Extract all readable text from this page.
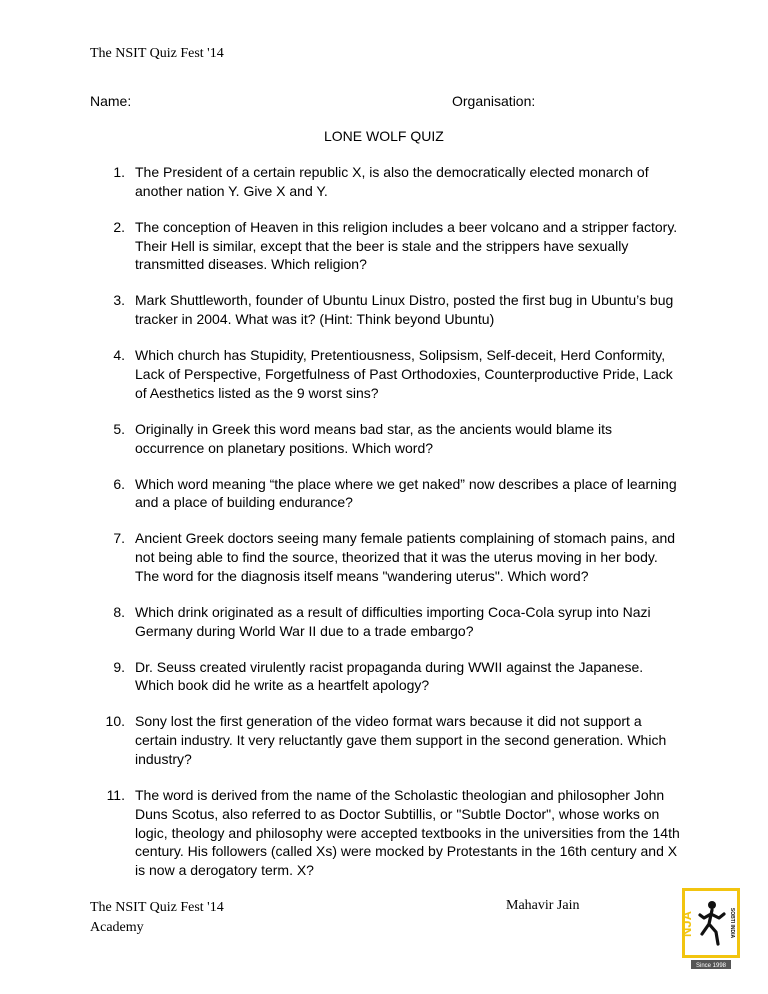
The NSIT Quiz Fest '14
Name:	Organisation:
LONE WOLF QUIZ
1. The President of a certain republic X, is also the democratically elected monarch of
another nation Y. Give X and Y.
2. The conception of Heaven in this religion includes a beer volcano and a stripper factory.
Their Hell is similar, except that the beer is stale and the strippers have sexually
transmitted diseases. Which religion?
3. Mark Shuttleworth, founder of Ubuntu Linux Distro, posted the first bug in Ubuntu’s bug
tracker in 2004. What was it? (Hint: Think beyond Ubuntu)
4. Which church has Stupidity, Pretentiousness, Solipsism, Self-deceit, Herd Conformity,
Lack of Perspective, Forgetfulness of Past Orthodoxies, Counterproductive Pride, Lack
of Aesthetics listed as the 9 worst sins?
5. Originally in Greek this word means bad star, as the ancients would blame its
occurrence on planetary positions. Which word?
6. Which word meaning “the place where we get naked” now describes a place of learning
and a place of building endurance?
7. Ancient Greek doctors seeing many female patients complaining of stomach pains, and
not being able to find the source, theorized that it was the uterus moving in her body.
The word for the diagnosis itself means "wandering uterus". Which word?
8. Which drink originated as a result of difficulties importing Coca-Cola syrup into Nazi
Germany during World War II due to a trade embargo?
9. Dr. Seuss created virulently racist propaganda during WWII against the Japanese.
Which book did he write as a heartfelt apology?
10. Sony lost the first generation of the video format wars because it did not support a
certain industry. It very reluctantly gave them support in the second generation. Which
industry?
11. The word is derived from the name of the Scholastic theologian and philosopher John
Duns Scotus, also referred to as Doctor Subtillis, or "Subtle Doctor", whose works on
logic, theology and philosophy were accepted textbooks in the universities from the 14th
century. His followers (called Xs) were mocked by Protestants in the 16th century and X
is now a derogatory term. X?
The NSIT Quiz Fest '14
Academy
Mahavir Jain
NJA	SOBTI INDIA
Since 1998
